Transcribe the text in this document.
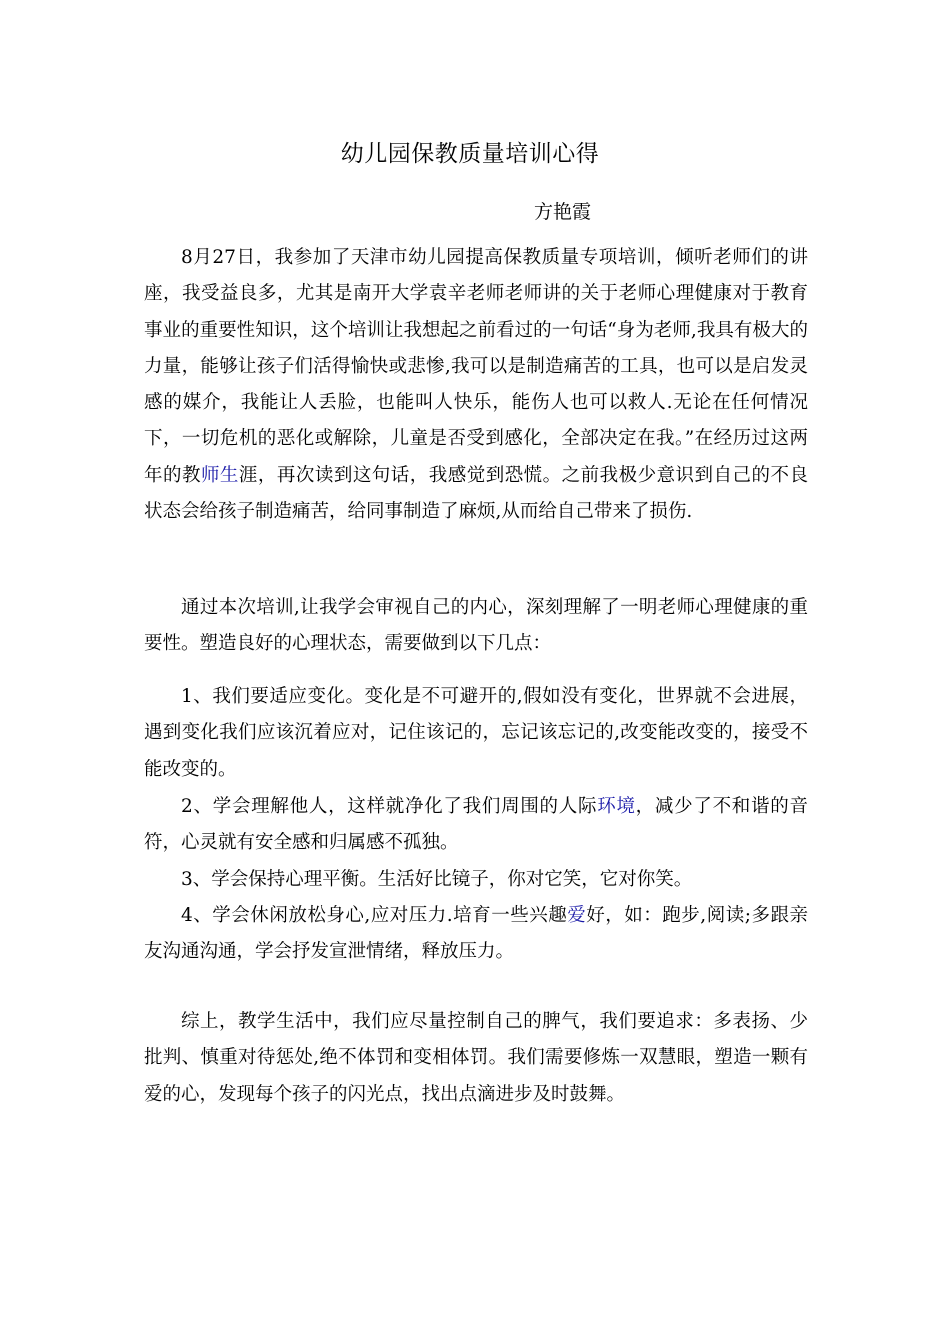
幼儿园保教质量培训心得
方艳霞

8月27日，我参加了天津市幼儿园提高保教质量专项培训，倾听老师们的讲座，我受益良多，尤其是南开大学袁辛老师老师讲的关于老师心理健康对于教育事业的重要性知识，这个培训让我想起之前看过的一句话“身为老师,我具有极大的力量，能够让孩子们活得愉快或悲惨,我可以是制造痛苦的工具，也可以是启发灵感的媒介，我能让人丢脸，也能叫人快乐，能伤人也可以救人.无论在任何情况下，一切危机的恶化或解除，儿童是否受到感化，全部决定在我。”在经历过这两年的教师生涯，再次读到这句话，我感觉到恐慌。之前我极少意识到自己的不良状态会给孩子制造痛苦，给同事制造了麻烦,从而给自己带来了损伤.

通过本次培训,让我学会审视自己的内心，深刻理解了一明老师心理健康的重要性。塑造良好的心理状态，需要做到以下几点：

1、我们要适应变化。变化是不可避开的,假如没有变化，世界就不会进展，遇到变化我们应该沉着应对，记住该记的，忘记该忘记的,改变能改变的，接受不能改变的。

2、学会理解他人，这样就净化了我们周围的人际环境，减少了不和谐的音符，心灵就有安全感和归属感不孤独。

3、学会保持心理平衡。生活好比镜子，你对它笑，它对你笑。

4、学会休闲放松身心,应对压力.培育一些兴趣爱好，如：跑步,阅读;多跟亲友沟通沟通，学会抒发宣泄情绪，释放压力。

综上，教学生活中，我们应尽量控制自己的脾气，我们要追求：多表扬、少批判、慎重对待惩处,绝不体罚和变相体罚。我们需要修炼一双慧眼，塑造一颗有爱的心，发现每个孩子的闪光点，找出点滴进步及时鼓舞。
